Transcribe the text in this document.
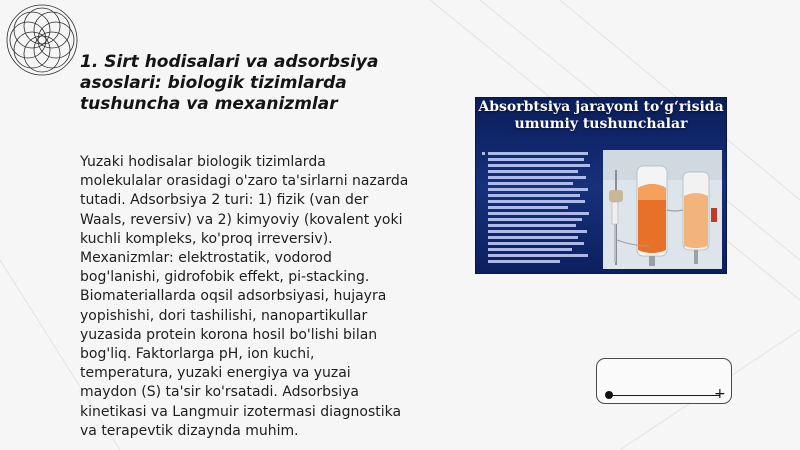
1. Sirt hodisalari va adsorbsiya asoslari: biologik tizimlarda tushuncha va mexanizmlar
Yuzaki hodisalar biologik tizimlarda molekulalar orasidagi o'zaro ta'sirlarni nazarda tutadi. Adsorbsiya 2 turi: 1) fizik (van der Waals, reversiv) va 2) kimyoviy (kovalent yoki kuchli kompleks, ko'proq irreversiv). Mexanizmlar: elektrostatik, vodorod bog'lanishi, gidrofobik effekt, pi-stacking. Biomateriallarda oqsil adsorbsiyasi, hujayra yopishishi, dori tashilishi, nanopartikullar yuzasida protein korona hosil bo'lishi bilan bog'liq. Faktorlarga pH, ion kuchi, temperatura, yuzaki energiya va yuzai maydon (S) ta'sir ko'rsatadi. Adsorbsiya kinetikasi va Langmuir izotermasi diagnostika va terapevtik dizaynda muhim.
Absorbtsiya jarayoni to‘g‘risida umumiy tushunchalar
+
